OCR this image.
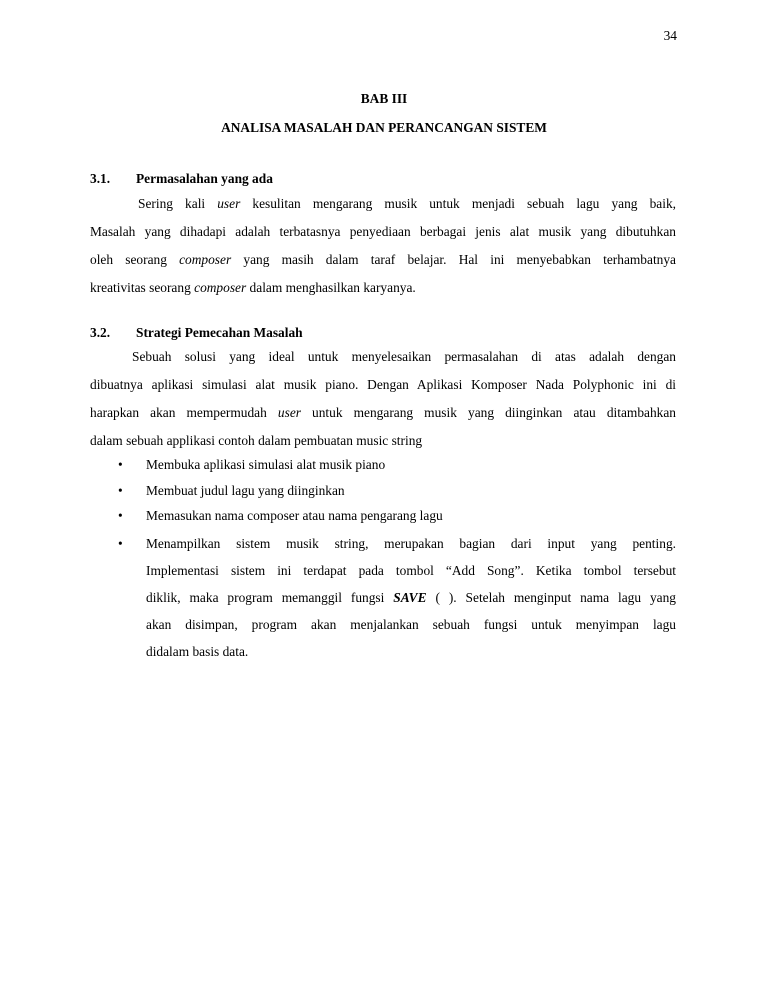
34
BAB III
ANALISA MASALAH DAN PERANCANGAN SISTEM
3.1. Permasalahan yang ada
Sering kali user kesulitan mengarang musik untuk menjadi sebuah lagu yang baik,
Masalah yang dihadapi adalah terbatasnya penyediaan berbagai jenis alat musik yang dibutuhkan
oleh seorang composer yang masih dalam taraf belajar. Hal ini menyebabkan terhambatnya
kreativitas seorang composer dalam menghasilkan karyanya.
3.2. Strategi Pemecahan Masalah
Sebuah solusi yang ideal untuk menyelesaikan permasalahan di atas adalah dengan
dibuatnya aplikasi simulasi alat musik piano. Dengan Aplikasi Komposer Nada Polyphonic ini di
harapkan akan mempermudah user untuk mengarang musik yang diinginkan atau ditambahkan
dalam sebuah applikasi contoh dalam pembuatan music string
• Membuka aplikasi simulasi alat musik piano
• Membuat judul lagu yang diinginkan
• Memasukan nama composer atau nama pengarang lagu
• Menampilkan sistem musik string, merupakan bagian dari input yang penting.
Implementasi sistem ini terdapat pada tombol “Add Song”. Ketika tombol tersebut
diklik, maka program memanggil fungsi SAVE ( ). Setelah menginput nama lagu yang
akan disimpan, program akan menjalankan sebuah fungsi untuk menyimpan lagu
didalam basis data.
